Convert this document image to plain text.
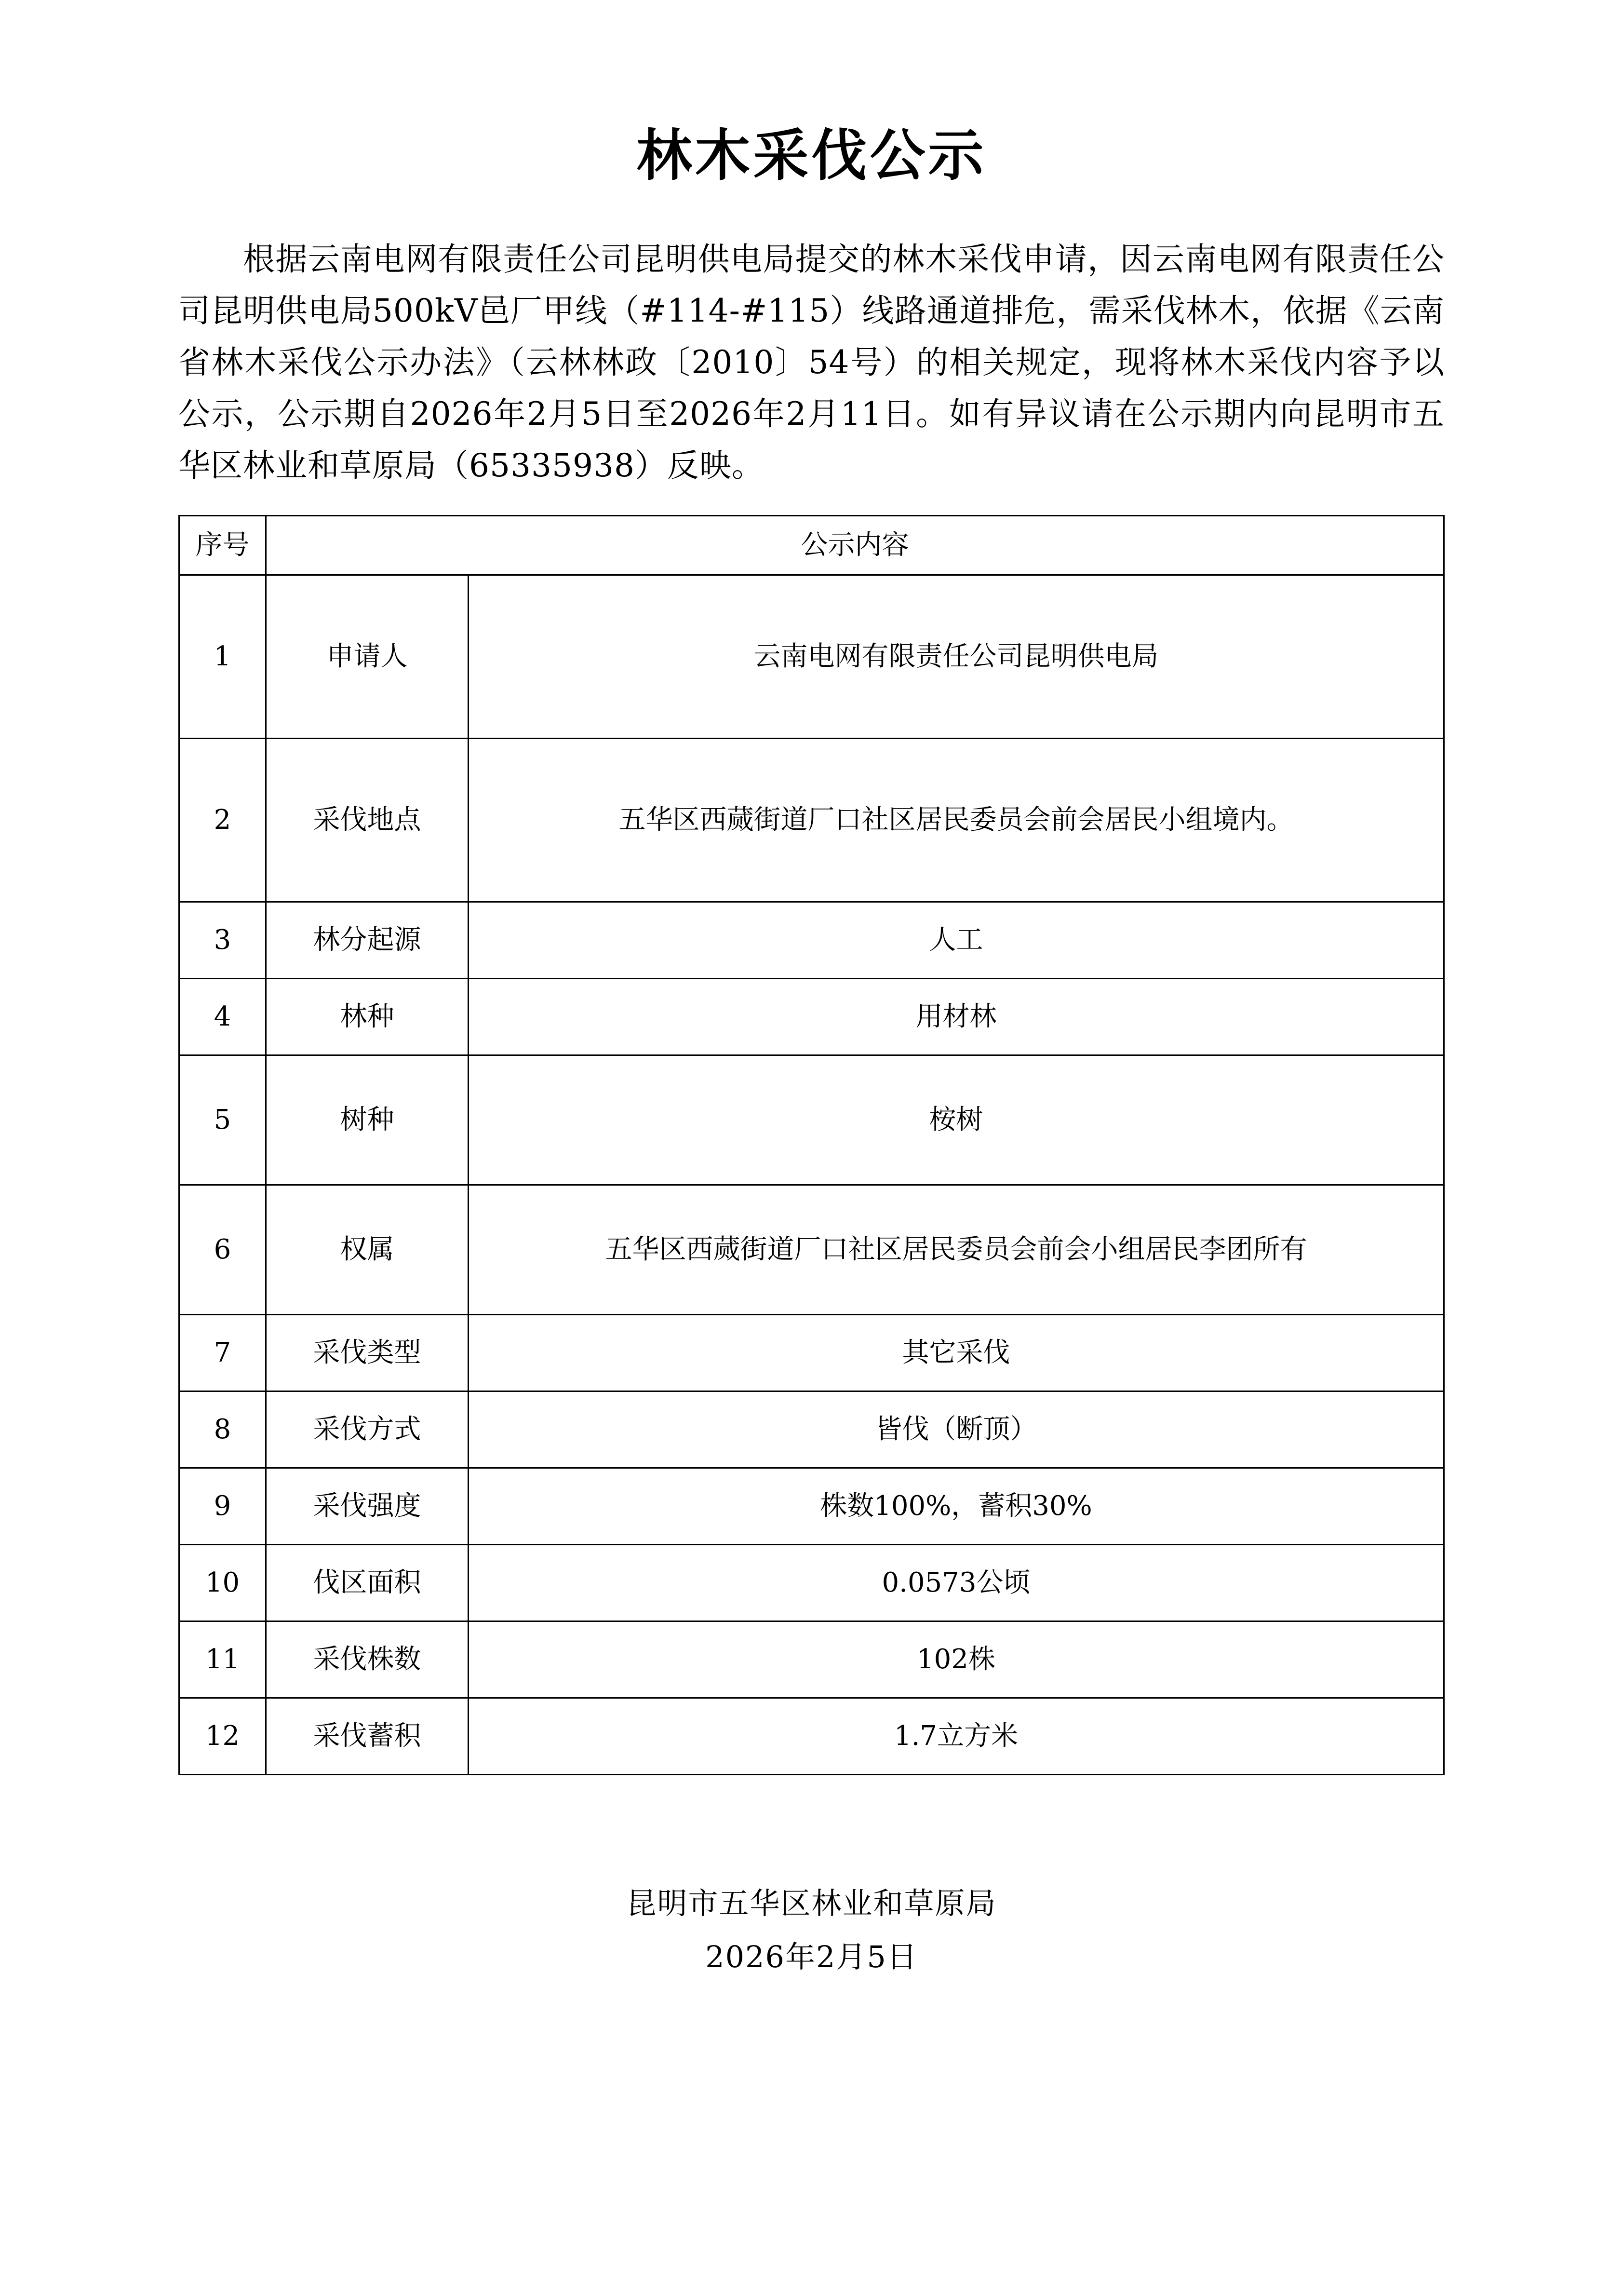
林木采伐公示
根据云南电网有限责任公司昆明供电局提交的林木采伐申请，因云南电网有限责任公司昆明供电局500kV邑厂甲线（#114-#115）线路通道排危，需采伐林木，依据《云南省林木采伐公示办法》（云林林政〔2010〕54号）的相关规定，现将林木采伐内容予以公示，公示期自2026年2月5日至2026年2月11日。如有异议请在公示期内向昆明市五华区林业和草原局（65335938）反映。
序号	公示内容	
1	申请人	云南电网有限责任公司昆明供电局
2	采伐地点	五华区西蒇街道厂口社区居民委员会前会居民小组境内。
3	林分起源	人工
4	林种	用材林
5	树种	桉树
6	权属	五华区西蒇街道厂口社区居民委员会前会小组居民李团所有
7	采伐类型	其它采伐
8	采伐方式	皆伐（断顶）
9	采伐强度	株数100%，蓄积30%
10	伐区面积	0.0573公顷
11	采伐株数	102株
12	采伐蓄积	1.7立方米
昆明市五华区林业和草原局
2026年2月5日
